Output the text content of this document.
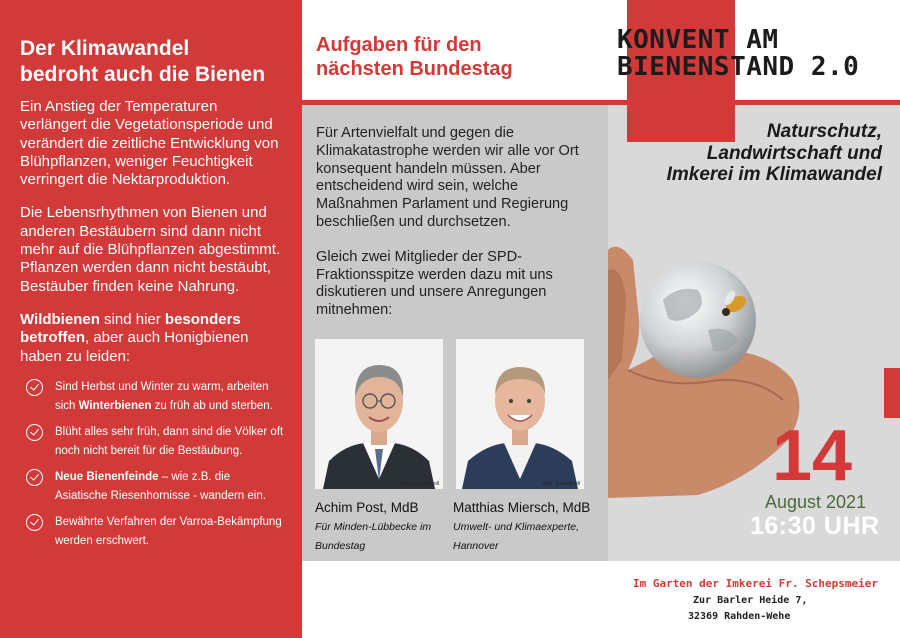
Der Klimawandel
bedroht auch die Bienen

Ein Anstieg der Temperaturen verlängert die Vegetationsperiode und verändert die zeitliche Entwicklung von Blühpflanzen, weniger Feuchtigkeit verringert die Nektarproduktion.

Die Lebensrhythmen von Bienen und anderen Bestäubern sind dann nicht mehr auf die Blühpflanzen abgestimmt. Pflanzen werden dann nicht bestäubt, Bestäuber finden keine Nahrung.

Wildbienen sind hier besonders betroffen, aber auch Honigbienen haben zu leiden:

Sind Herbst und Winter zu warm, arbeiten sich Winterbienen zu früh ab und sterben.
Blüht alles sehr früh, dann sind die Völker oft noch nicht bereit für die Bestäubung.
Neue Bienenfeinde – wie z.B. die Asiatische Riesenhornisse - wandern ein.
Bewährte Verfahren der Varroa-Bekämpfung werden erschwert.
Aufgaben für den
nächsten Bundestag

Für Artenvielfalt und gegen die Klimakatastrophe werden wir alle vor Ort konsequent handeln müssen. Aber entscheidend wird sein, welche Maßnahmen Parlament und Regierung beschließen und durchsetzen.

Gleich zwei Mitglieder der SPD-Fraktionsspitze werden dazu mit uns diskutieren und unsere Anregungen mitnehmen:

Foto: Susie Knoll	Foto: Susie Knoll
Achim Post, MdB
Für Minden-Lübbecke im Bundestag
Matthias Miersch, MdB
Umwelt- und Klimaexperte, Hannover
KONVENT AM
BIENENSTAND 2.0
Naturschutz, Landwirtschaft und Imkerei im Klimawandel
14
August 2021
16:30 UHR
Im Garten der Imkerei Fr. Schepsmeier
Zur Barler Heide 7,
32369 Rahden-Wehe
